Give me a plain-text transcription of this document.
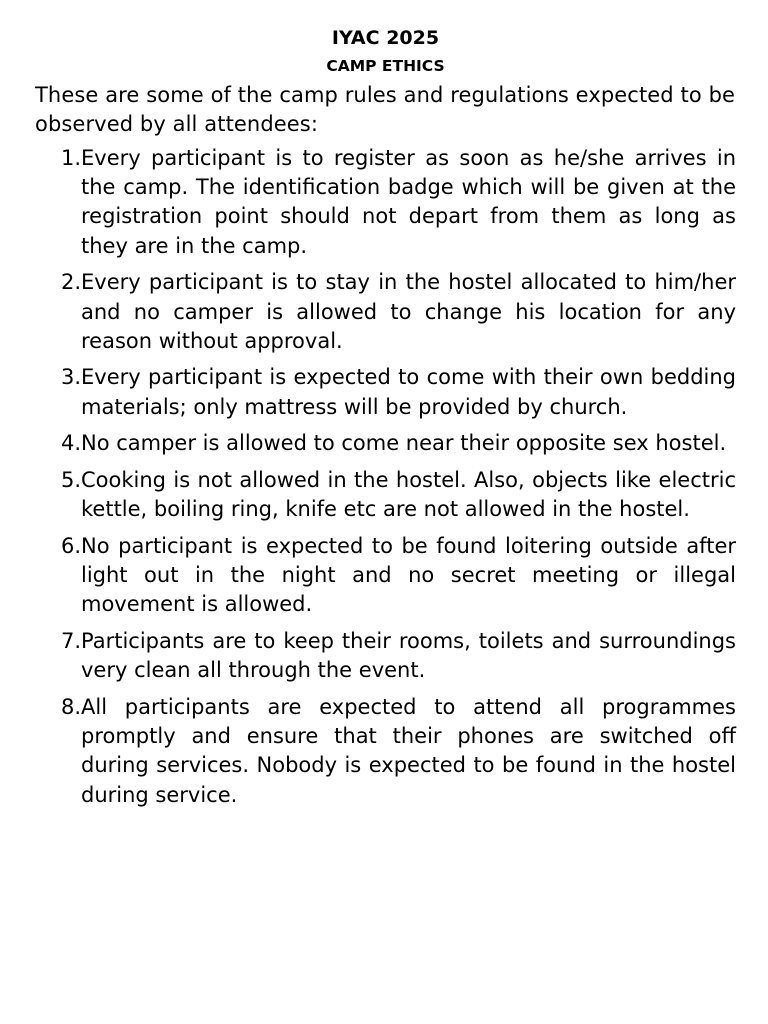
IYAC 2025
CAMP ETHICS
These are some of the camp rules and regulations expected to be observed by all attendees:
1. Every participant is to register as soon as he/she arrives in the camp. The identification badge which will be given at the registration point should not depart from them as long as they are in the camp.
2. Every participant is to stay in the hostel allocated to him/her and no camper is allowed to change his location for any reason without approval.
3. Every participant is expected to come with their own bedding materials; only mattress will be provided by church.
4. No camper is allowed to come near their opposite sex hostel.
5. Cooking is not allowed in the hostel. Also, objects like electric kettle, boiling ring, knife etc are not allowed in the hostel.
6. No participant is expected to be found loitering outside after light out in the night and no secret meeting or illegal movement is allowed.
7. Participants are to keep their rooms, toilets and surroundings very clean all through the event.
8. All participants are expected to attend all programmes promptly and ensure that their phones are switched off during services. Nobody is expected to be found in the hostel during service.
